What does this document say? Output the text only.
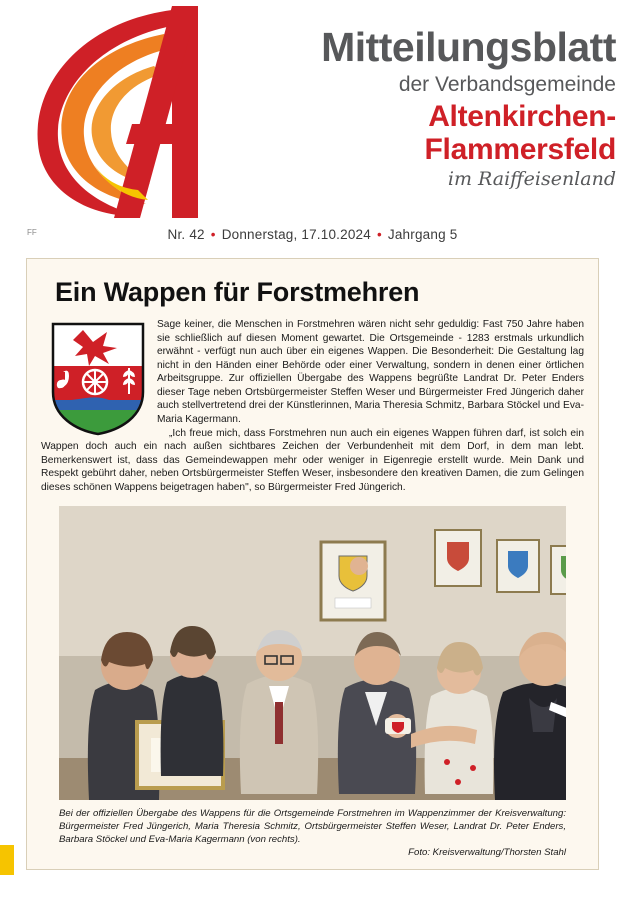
Mitteilungsblatt
der Verbandsgemeinde
Altenkirchen-
Flammersfeld
im Raiffeisenland
FF	Nr. 42 • Donnerstag, 17.10.2024 • Jahrgang 5
Ein Wappen für Forstmehren

Sage keiner, die Menschen in Forstmehren wären nicht sehr geduldig: Fast 750 Jahre haben sie schließlich auf diesen Moment gewartet. Die Ortsgemeinde - 1283 erstmals urkundlich erwähnt - verfügt nun auch über ein eigenes Wappen. Die Besonderheit: Die Gestaltung lag nicht in den Händen einer Behörde oder einer Verwaltung, sondern in denen einer örtlichen Arbeitsgruppe. Zur offiziellen Übergabe des Wappens begrüßte Landrat Dr. Peter Enders dieser Tage neben Ortsbürgermeister Steffen Weser und Bürgermeister Fred Jüngerich daher auch stellvertretend drei der Künstlerinnen, Maria Theresia Schmitz, Barbara Stöckel und Eva-Maria Kagermann.

„Ich freue mich, dass Forstmehren nun auch ein eigenes Wappen führen darf, ist solch ein Wappen doch auch ein nach außen sichtbares Zeichen der Verbundenheit mit dem Dorf, in dem man lebt. Bemerkenswert ist, dass das Gemeindewappen mehr oder weniger in Eigenregie erstellt wurde. Mein Dank und Respekt gebührt daher, neben Ortsbürgermeister Steffen Weser, insbesondere den kreativen Damen, die zum Gelingen dieses schönen Wappens beigetragen haben", so Bürgermeister Fred Jüngerich.

Bei der offiziellen Übergabe des Wappens für die Ortsgemeinde Forstmehren im Wappenzimmer der Kreisverwaltung: Bürgermeister Fred Jüngerich, Maria Theresia Schmitz, Ortsbürgermeister Steffen Weser, Landrat Dr. Peter Enders, Barbara Stöckel und Eva-Maria Kagermann (von rechts).
Foto: Kreisverwaltung/Thorsten Stahl
